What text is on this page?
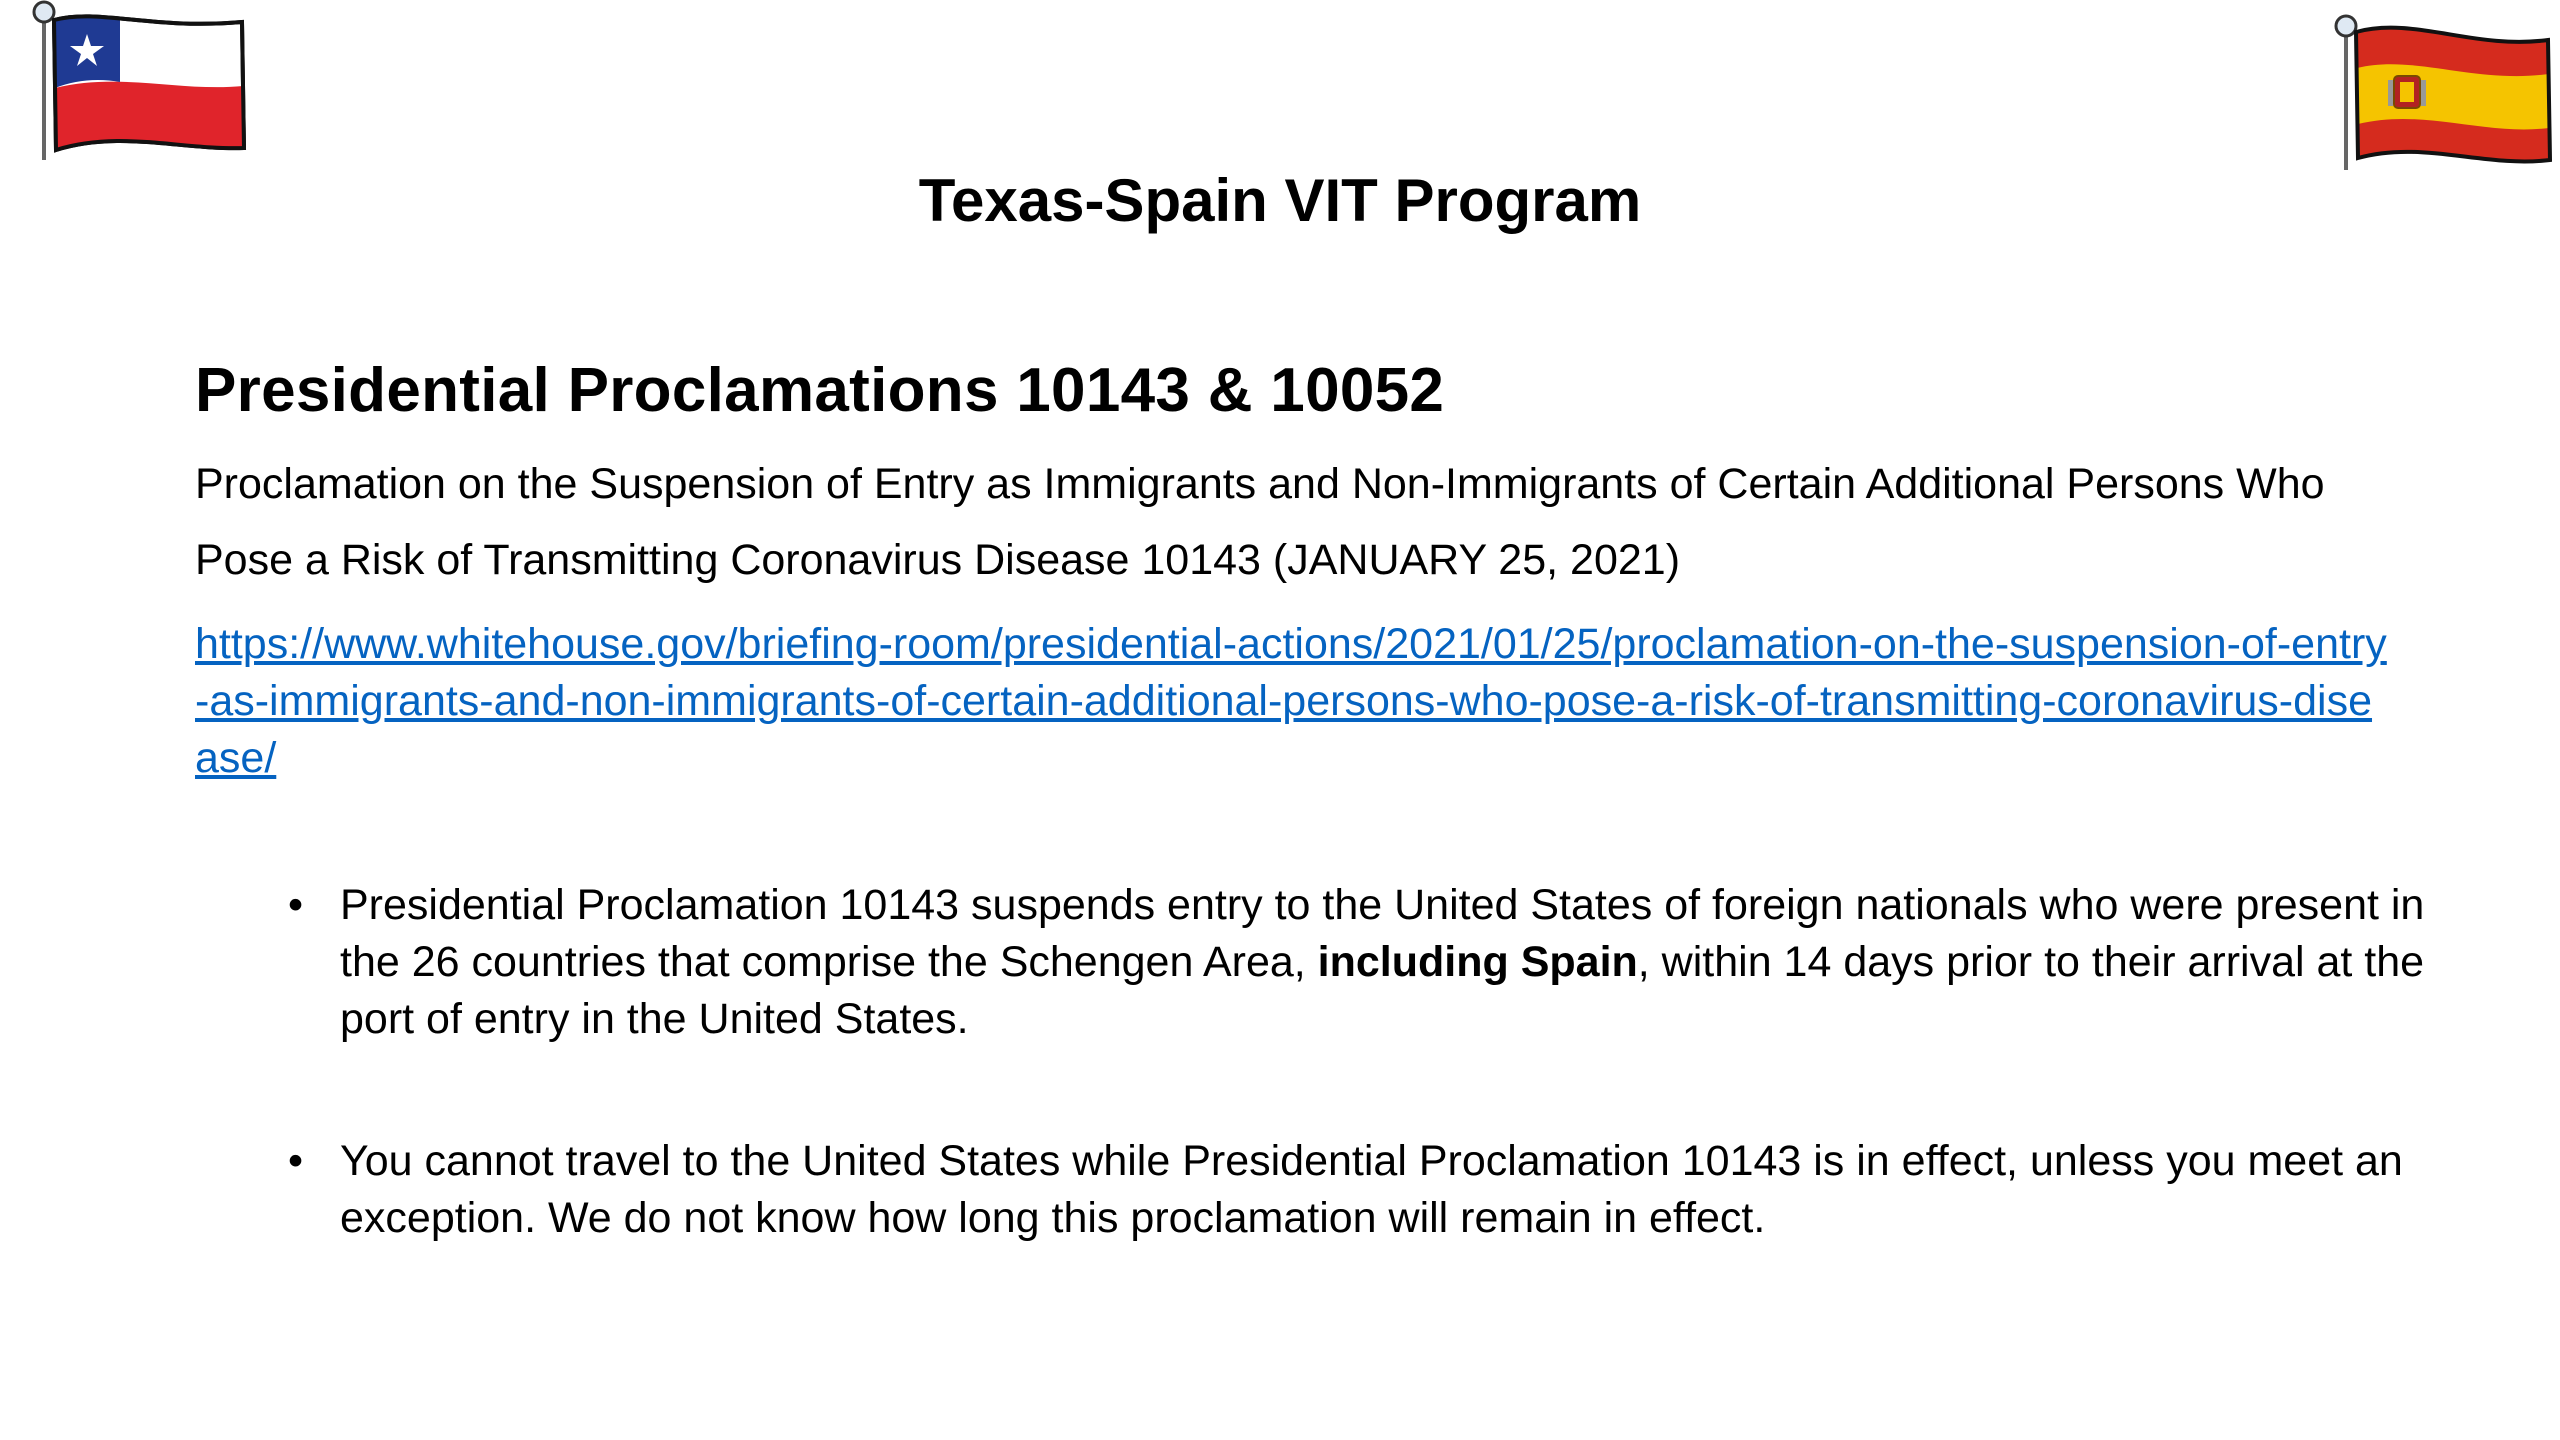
Texas-Spain VIT Program
Presidential Proclamations 10143 & 10052

Proclamation on the Suspension of Entry as Immigrants and Non-Immigrants of Certain Additional Persons Who Pose a Risk of Transmitting Coronavirus Disease 10143 (JANUARY 25, 2021)

https://www.whitehouse.gov/briefing-room/presidential-actions/2021/01/25/proclamation-on-the-suspension-of-entry-as-immigrants-and-non-immigrants-of-certain-additional-persons-who-pose-a-risk-of-transmitting-coronavirus-disease/
• Presidential Proclamation 10143 suspends entry to the United States of foreign nationals who were present in the 26 countries that comprise the Schengen Area, including Spain, within 14 days prior to their arrival at the port of entry in the United States.
• You cannot travel to the United States while Presidential Proclamation 10143 is in effect, unless you meet an exception. We do not know how long this proclamation will remain in effect.
